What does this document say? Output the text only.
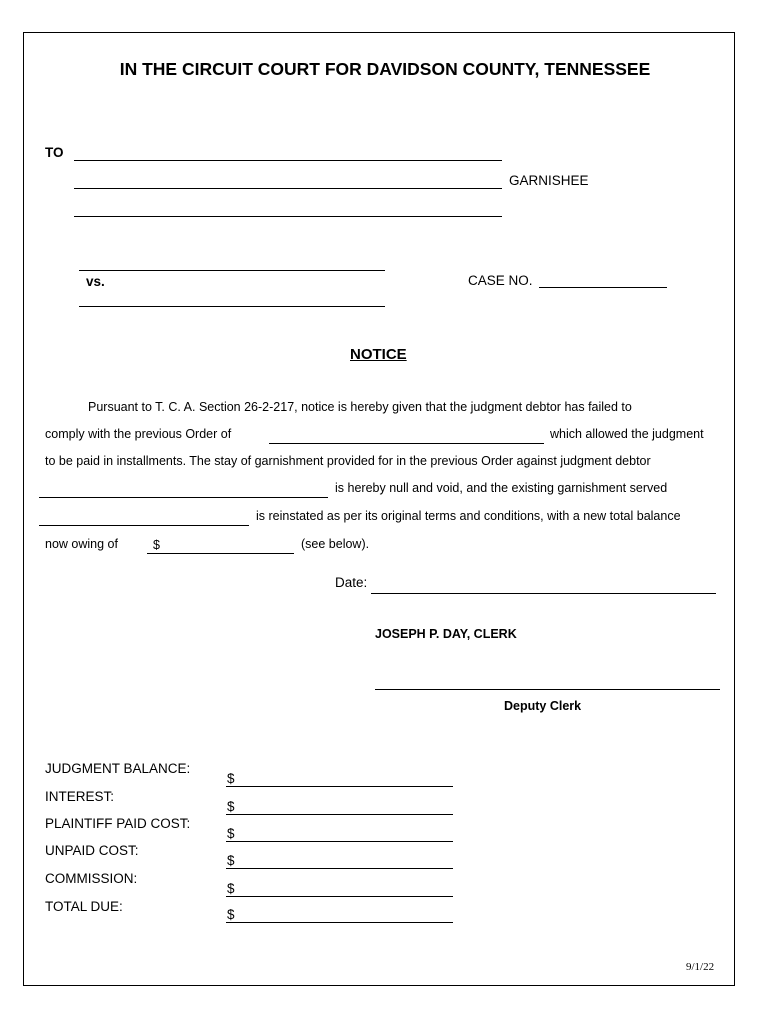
IN THE CIRCUIT COURT FOR DAVIDSON COUNTY, TENNESSEE
TO
GARNISHEE
vs.	CASE NO.
NOTICE
Pursuant to T. C. A. Section 26-2-217, notice is hereby given that the judgment debtor has failed to
comply with the previous Order of	which allowed the judgment
to be paid in installments. The stay of garnishment provided for in the previous Order against judgment debtor
is hereby null and void, and the existing garnishment served
is reinstated as per its original terms and conditions, with a new total balance
now owing of	$	(see below).
Date:
JOSEPH P. DAY, CLERK
Deputy Clerk
JUDGMENT BALANCE:
$
INTEREST:
$
PLAINTIFF PAID COST:
$
UNPAID COST:
$
COMMISSION:
$
TOTAL DUE:
$
9/1/22
